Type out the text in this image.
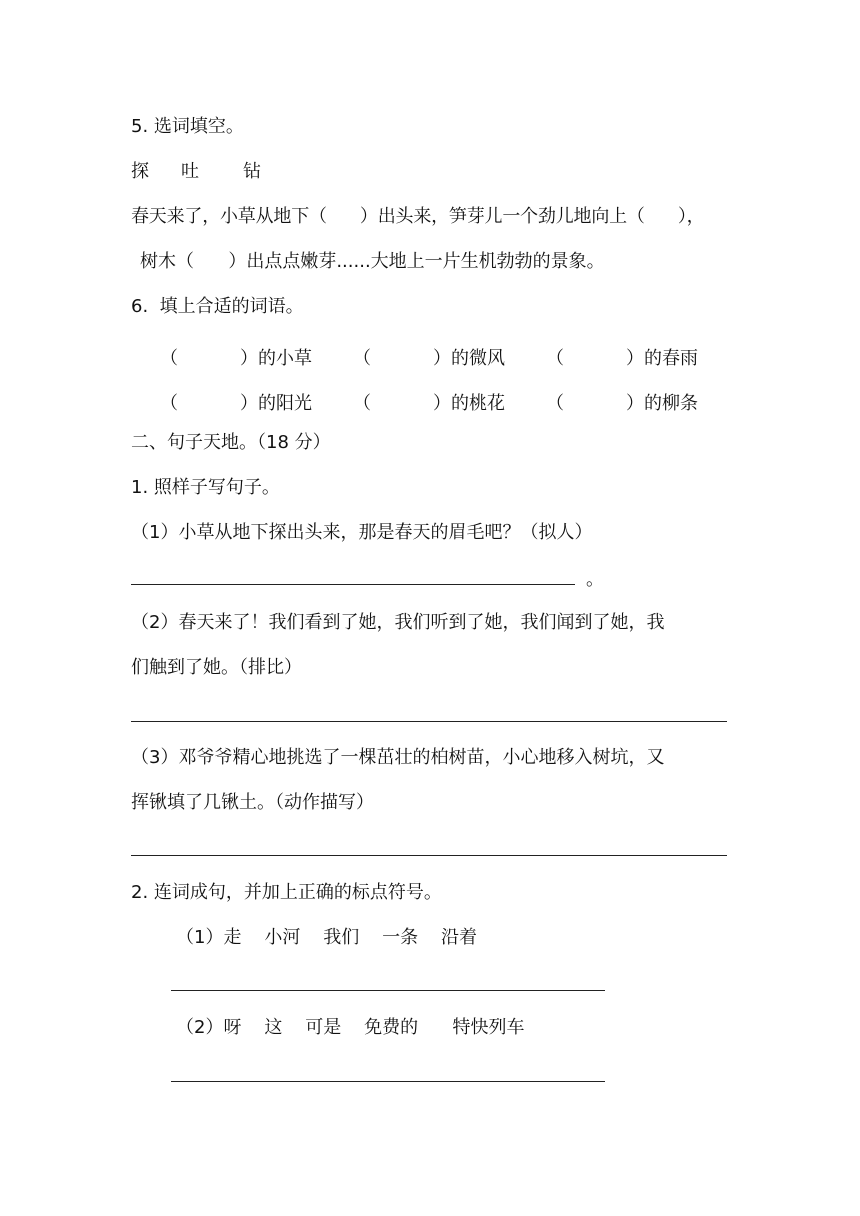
5. 选词填空。
探 吐 钻
春天来了，小草从地下（      ）出头来，笋芽儿一个劲儿地向上（      ），
树木（      ）出点点嫩芽......大地上一片生机勃勃的景象。
6.  填上合适的词语。
（	）的小草 （	）的微风 （	）的春雨
（	）的阳光 （	）的桃花 （	）的柳条
二、句子天地。（18 分）
1. 照样子写句子。
（1）小草从地下探出头来，那是春天的眉毛吧？（拟人）
。
（2）春天来了！我们看到了她，我们听到了她，我们闻到了她，我
们触到了她。（排比）
（3）邓爷爷精心地挑选了一棵茁壮的柏树苗，小心地移入树坑，又
挥锹填了几锹土。（动作描写）
2. 连词成句，并加上正确的标点符号。
（1）走    小河    我们    一条    沿着
（2）呀    这    可是    免费的      特快列车
